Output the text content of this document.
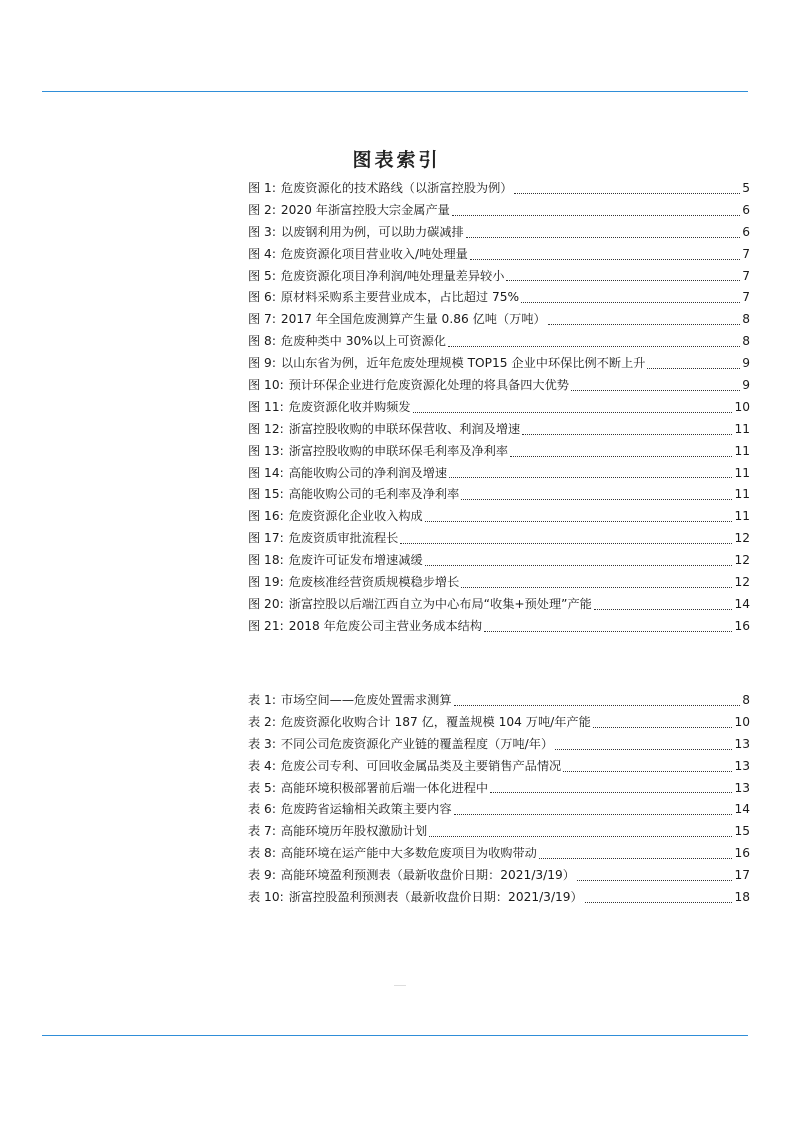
图表索引
图 1: 危废资源化的技术路线（以浙富控股为例）	5
图 2: 2020 年浙富控股大宗金属产量	6
图 3: 以废钢利用为例，可以助力碳减排	6
图 4: 危废资源化项目营业收入/吨处理量	7
图 5: 危废资源化项目净利润/吨处理量差异较小	7
图 6: 原材料采购系主要营业成本，占比超过 75%	7
图 7: 2017 年全国危废测算产生量 0.86 亿吨（万吨）	8
图 8: 危废种类中 30%以上可资源化	8
图 9: 以山东省为例，近年危废处理规模 TOP15 企业中环保比例不断上升	9
图 10: 预计环保企业进行危废资源化处理的将具备四大优势	9
图 11: 危废资源化收并购频发	10
图 12: 浙富控股收购的申联环保营收、利润及增速	11
图 13: 浙富控股收购的申联环保毛利率及净利率	11
图 14: 高能收购公司的净利润及增速	11
图 15: 高能收购公司的毛利率及净利率	11
图 16: 危废资源化企业收入构成	11
图 17: 危废资质审批流程长	12
图 18: 危废许可证发布增速减缓	12
图 19: 危废核准经营资质规模稳步增长	12
图 20: 浙富控股以后端江西自立为中心布局“收集+预处理”产能	14
图 21: 2018 年危废公司主营业务成本结构	16
表 1: 市场空间——危废处置需求测算	8
表 2: 危废资源化收购合计 187 亿，覆盖规模 104 万吨/年产能	10
表 3: 不同公司危废资源化产业链的覆盖程度（万吨/年）	13
表 4: 危废公司专利、可回收金属品类及主要销售产品情况	13
表 5: 高能环境积极部署前后端一体化进程中	13
表 6: 危废跨省运输相关政策主要内容	14
表 7: 高能环境历年股权激励计划	15
表 8: 高能环境在运产能中大多数危废项目为收购带动	16
表 9: 高能环境盈利预测表（最新收盘价日期：2021/3/19）	17
表 10: 浙富控股盈利预测表（最新收盘价日期：2021/3/19）	18
